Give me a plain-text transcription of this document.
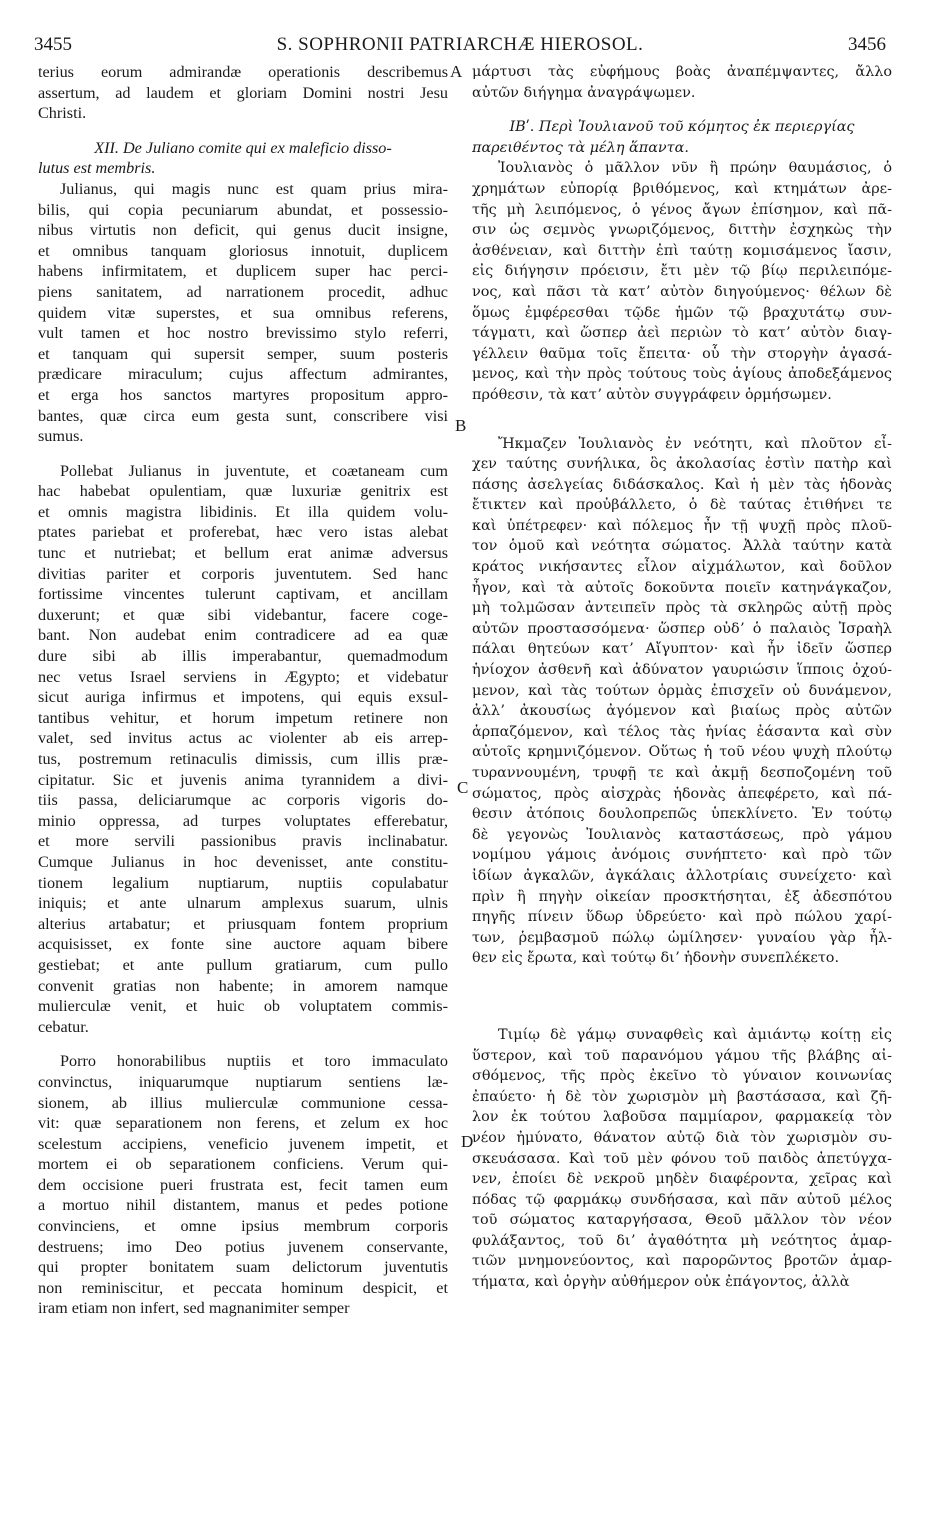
3455	S. SOPHRONII PATRIARCHÆ HIEROSOL.	3456
A
B
C
D
terius eorum admirandæ operationis describemus
assertum, ad laudem et gloriam Domini nostri Jesu
Christi.
XII. De Juliano comite qui ex maleficio disso-
lutus est membris.
Julianus, qui magis nunc est quam prius mira-
bilis, qui copia pecuniarum abundat, et possessio-
nibus virtutis non deficit, qui genus ducit insigne,
et omnibus tanquam gloriosus innotuit, duplicem
habens infirmitatem, et duplicem super hac perci-
piens sanitatem, ad narrationem procedit, adhuc
quidem vitæ superstes, et sua omnibus referens,
vult tamen et hoc nostro brevissimo stylo referri,
et tanquam qui supersit semper, suum posteris
prædicare miraculum; cujus affectum admirantes,
et erga hos sanctos martyres propositum appro-
bantes, quæ circa eum gesta sunt, conscribere visi
sumus.
Pollebat Julianus in juventute, et coætaneam cum
hac habebat opulentiam, quæ luxuriæ genitrix est
et omnis magistra libidinis. Et illa quidem volu-
ptates pariebat et proferebat, hæc vero istas alebat
tunc et nutriebat; et bellum erat animæ adversus
divitias pariter et corporis juventutem. Sed hanc
fortissime vincentes tulerunt captivam, et ancillam
duxerunt; et quæ sibi videbantur, facere coge-
bant. Non audebat enim contradicere ad ea quæ
dure sibi ab illis imperabantur, quemadmodum
nec vetus Israel serviens in Ægypto; et videbatur
sicut auriga infirmus et impotens, qui equis exsul-
tantibus vehitur, et horum impetum retinere non
valet, sed invitus actus ac violenter ab eis arrep-
tus, postremum retinaculis dimissis, cum illis præ-
cipitatur. Sic et juvenis anima tyrannidem a divi-
tiis passa, deliciarumque ac corporis vigoris do-
minio oppressa, ad turpes voluptates efferebatur,
et more servili passionibus pravis inclinabatur.
Cumque Julianus in hoc devenisset, ante constitu-
tionem legalium nuptiarum, nuptiis copulabatur
iniquis; et ante ulnarum amplexus suarum, ulnis
alterius artabatur; et priusquam fontem proprium
acquisisset, ex fonte sine auctore aquam bibere
gestiebat; et ante pullum gratiarum, cum pullo
convenit gratias non habente; in amorem namque
mulierculæ venit, et huic ob voluptatem commis-
cebatur.
Porro honorabilibus nuptiis et toro immaculato
convinctus, iniquarumque nuptiarum sentiens læ-
sionem, ab illius mulierculæ communione cessa-
vit: quæ separationem non ferens, et zelum ex hoc
scelestum accipiens, veneficio juvenem impetit, et
mortem ei ob separationem conficiens. Verum qui-
dem occisione pueri frustrata est, fecit tamen eum
a mortuo nihil distantem, manus et pedes potione
convinciens, et omne ipsius membrum corporis
destruens; imo Deo potius juvenem conservante,
qui propter bonitatem suam delictorum juventutis
non reminiscitur, et peccata hominum despicit, et
iram etiam non infert, sed magnanimiter semper
μάρτυσι τὰς εὐφήμους βοὰς ἀναπέμψαντες, ἄλλο
αὐτῶν διήγημα ἀναγράψωμεν.
ΙΒʹ. Περὶ Ἰουλιανοῦ τοῦ κόμητος ἐκ περιεργίας
παρειθέντος τὰ μέλη ἅπαντα.
Ἰουλιανὸς ὁ μᾶλλον νῦν ἢ πρώην θαυμάσιος, ὁ
χρημάτων εὐπορίᾳ βριθόμενος, καὶ κτημάτων ἀρε-
τῆς μὴ λειπόμενος, ὁ γένος ἄγων ἐπίσημον, καὶ πᾶ-
σιν ὡς σεμνὸς γνωριζόμενος, διττὴν ἐσχηκὼς τὴν
ἀσθένειαν, καὶ διττὴν ἐπὶ ταύτῃ κομισάμενος ἴασιν,
εἰς διήγησιν πρόεισιν, ἔτι μὲν τῷ βίῳ περιλειπόμε-
νος, καὶ πᾶσι τὰ κατʼ αὐτὸν διηγούμενος· θέλων δὲ
ὅμως ἐμφέρεσθαι τῷδε ἡμῶν τῷ βραχυτάτῳ συν-
τάγματι, καὶ ὥσπερ ἀεὶ περιὼν τὸ κατʼ αὐτὸν διαγ-
γέλλειν θαῦμα τοῖς ἔπειτα· οὗ τὴν στοργὴν ἀγασά-
μενος, καὶ τὴν πρὸς τούτους τοὺς ἁγίους ἀποδεξάμενος
πρόθεσιν, τὰ κατʼ αὐτὸν συγγράφειν ὁρμήσωμεν.
Ἤκμαζεν Ἰουλιανὸς ἐν νεότητι, καὶ πλοῦτον εἶ-
χεν ταύτης συνήλικα, ὃς ἀκολασίας ἐστὶν πατὴρ καὶ
πάσης ἀσελγείας διδάσκαλος. Καὶ ἡ μὲν τὰς ἡδονὰς
ἔτικτεν καὶ προὐβάλλετο, ὁ δὲ ταύτας ἐτιθήνει τε
καὶ ὑπέτρεφεν· καὶ πόλεμος ἦν τῇ ψυχῇ πρὸς πλοῦ-
τον ὁμοῦ καὶ νεότητα σώματος. Ἀλλὰ ταύτην κατὰ
κράτος νικήσαντες εἶλον αἰχμάλωτον, καὶ δοῦλον
ἦγον, καὶ τὰ αὐτοῖς δοκοῦντα ποιεῖν κατηνάγκαζον,
μὴ τολμῶσαν ἀντειπεῖν πρὸς τὰ σκληρῶς αὐτῇ πρὸς
αὐτῶν προστασσόμενα· ὥσπερ οὐδʼ ὁ παλαιὸς Ἰσραὴλ
πάλαι θητεύων κατʼ Αἴγυπτον· καὶ ἦν ἰδεῖν ὥσπερ
ἡνίοχον ἀσθενῆ καὶ ἀδύνατον γαυριώσιν ἵπποις ὀχού-
μενον, καὶ τὰς τούτων ὁρμὰς ἐπισχεῖν οὐ δυνάμενον,
ἀλλʼ ἀκουσίως ἀγόμενον καὶ βιαίως πρὸς αὐτῶν
ἁρπαζόμενον, καὶ τέλος τὰς ἡνίας ἐάσαντα καὶ σὺν
αὐτοῖς κρημνιζόμενον. Οὕτως ἡ τοῦ νέου ψυχὴ πλούτῳ
τυραννουμένη, τρυφῇ τε καὶ ἀκμῇ δεσποζομένη τοῦ
σώματος, πρὸς αἰσχρὰς ἡδονὰς ἀπεφέρετο, καὶ πά-
θεσιν ἀτόποις δουλοπρεπῶς ὑπεκλίνετο. Ἐν τούτῳ
δὲ γεγονὼς Ἰουλιανὸς καταστάσεως, πρὸ γάμου
νομίμου γάμοις ἀνόμοις συνήπτετο· καὶ πρὸ τῶν
ἰδίων ἀγκαλῶν, ἀγκάλαις ἀλλοτρίαις συνείχετο· καὶ
πρὶν ἢ πηγὴν οἰκείαν προσκτήσηται, ἐξ ἀδεσπότου
πηγῆς πίνειν ὕδωρ ὑδρεύετο· καὶ πρὸ πώλου χαρί-
των, ῥεμβασμοῦ πώλῳ ὡμίλησεν· γυναίου γὰρ ἦλ-
θεν εἰς ἔρωτα, καὶ τούτῳ διʼ ἡδονὴν συνεπλέκετο.
Τιμίῳ δὲ γάμῳ συναφθεὶς καὶ ἀμιάντῳ κοίτῃ εἰς
ὕστερον, καὶ τοῦ παρανόμου γάμου τῆς βλάβης αἰ-
σθόμενος, τῆς πρὸς ἐκεῖνο τὸ γύναιον κοινωνίας
ἐπαύετο· ἡ δὲ τὸν χωρισμὸν μὴ βαστάσασα, καὶ ζῆ-
λον ἐκ τούτου λαβοῦσα παμμίαρον, φαρμακείᾳ τὸν
νέον ἠμύνατο, θάνατον αὐτῷ διὰ τὸν χωρισμὸν συ-
σκευάσασα. Καὶ τοῦ μὲν φόνου τοῦ παιδὸς ἀπετύγχα-
νεν, ἐποίει δὲ νεκροῦ μηδὲν διαφέροντα, χεῖρας καὶ
πόδας τῷ φαρμάκῳ συνδήσασα, καὶ πᾶν αὐτοῦ μέλος
τοῦ σώματος καταργήσασα, Θεοῦ μᾶλλον τὸν νέον
φυλάξαντος, τοῦ διʼ ἀγαθότητα μὴ νεότητος ἁμαρ-
τιῶν μνημονεύοντος, καὶ παρορῶντος βροτῶν ἁμαρ-
τήματα, καὶ ὀργὴν αὐθήμερον οὐκ ἐπάγοντος, ἀλλὰ
